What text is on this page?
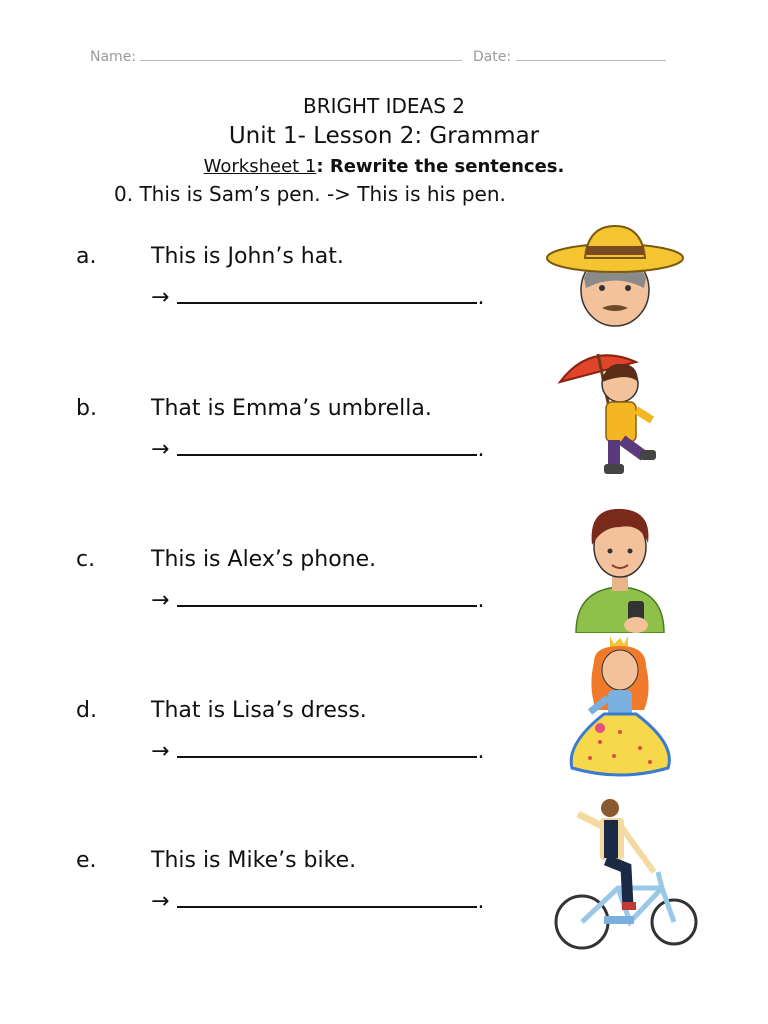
Name:	Date:
BRIGHT IDEAS 2
Unit 1- Lesson 2: Grammar
Worksheet 1: Rewrite the sentences.
0. This is Sam’s pen. -> This is his pen.
a. This is John’s hat.
→	.
b. That is Emma’s umbrella.
→	.
c.	This is Alex’s phone.
→	.
d. That is Lisa’s dress.
→	.
e. This is Mike’s bike.
→	.
